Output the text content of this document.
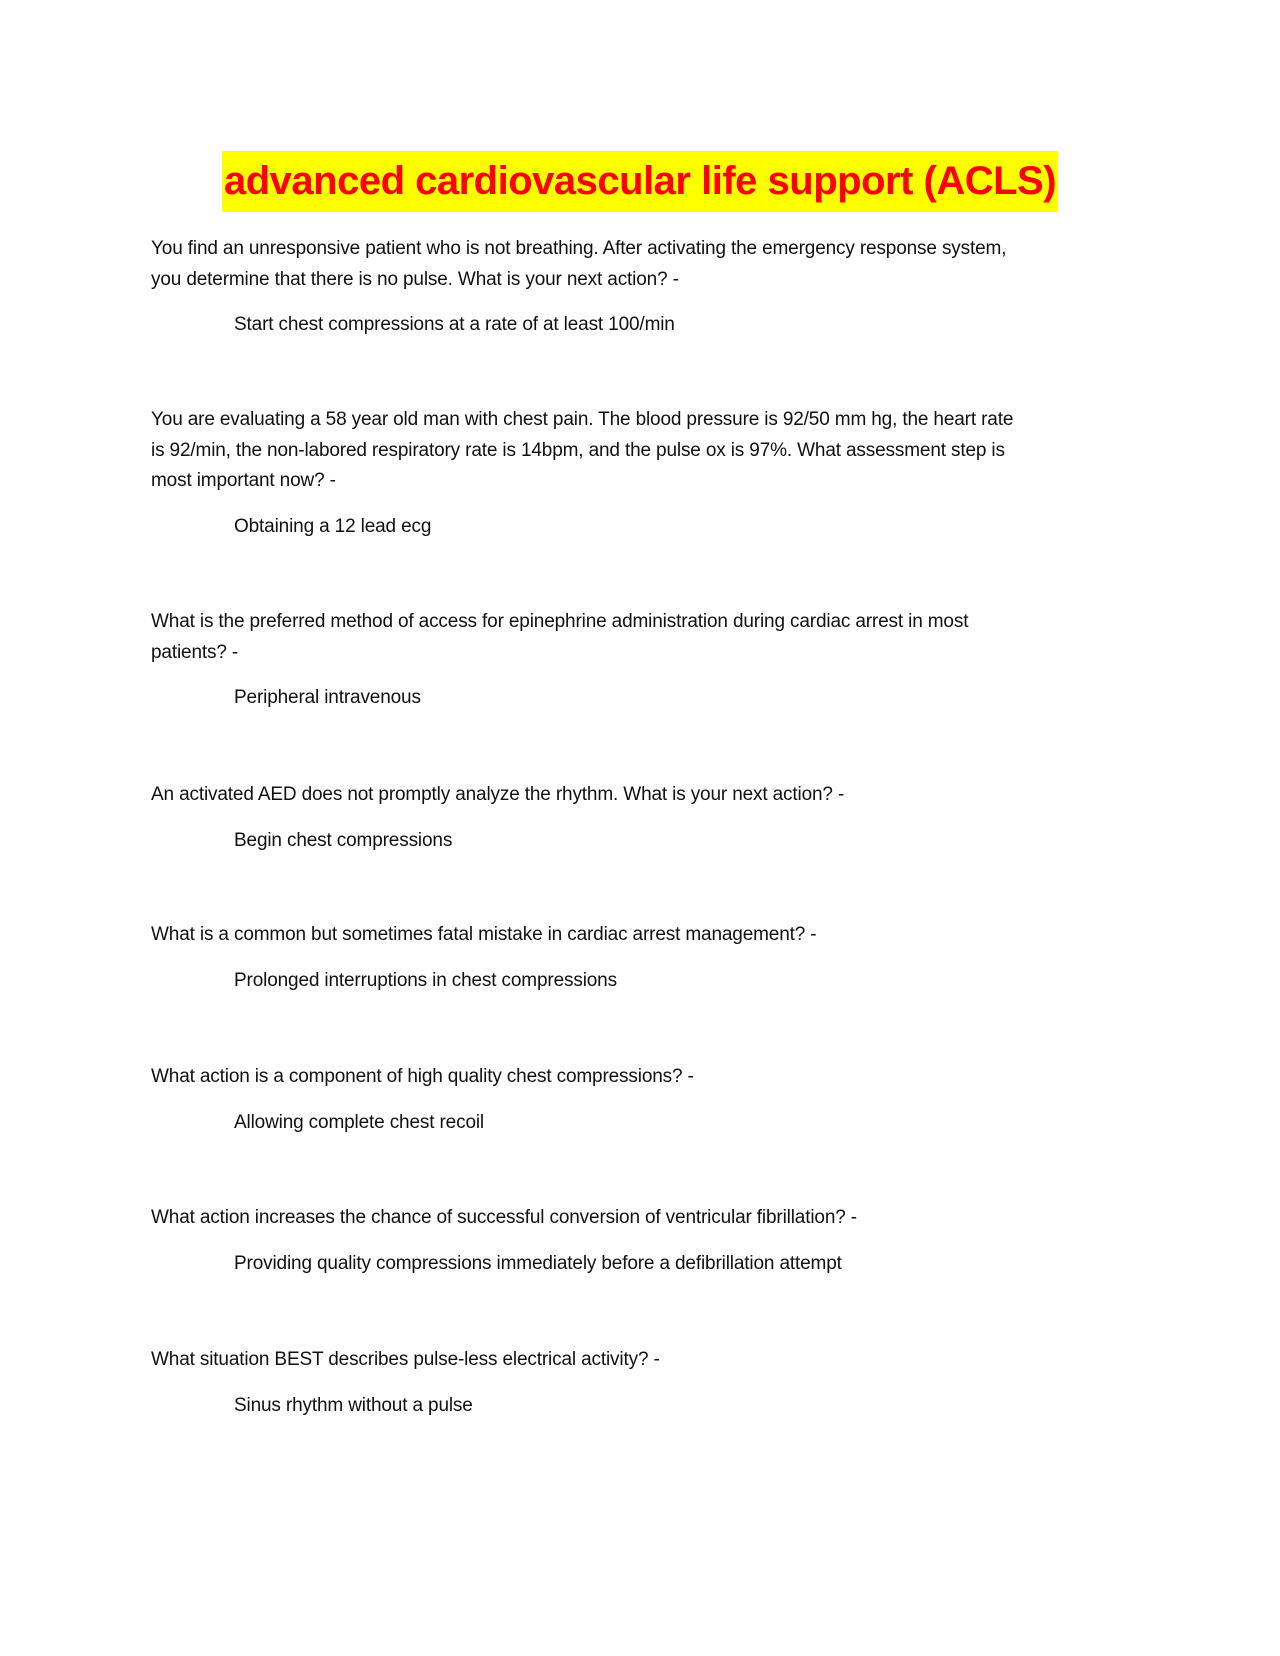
advanced cardiovascular life support (ACLS)
You find an unresponsive patient who is not breathing. After activating the emergency response system,
you determine that there is no pulse. What is your next action? -
Start chest compressions at a rate of at least 100/min
You are evaluating a 58 year old man with chest pain. The blood pressure is 92/50 mm hg, the heart rate
is 92/min, the non-labored respiratory rate is 14bpm, and the pulse ox is 97%. What assessment step is
most important now? -
Obtaining a 12 lead ecg
What is the preferred method of access for epinephrine administration during cardiac arrest in most
patients? -
Peripheral intravenous
An activated AED does not promptly analyze the rhythm. What is your next action? -
Begin chest compressions
What is a common but sometimes fatal mistake in cardiac arrest management? -
Prolonged interruptions in chest compressions
What action is a component of high quality chest compressions? -
Allowing complete chest recoil
What action increases the chance of successful conversion of ventricular fibrillation? -
Providing quality compressions immediately before a defibrillation attempt
What situation BEST describes pulse-less electrical activity? -
Sinus rhythm without a pulse
